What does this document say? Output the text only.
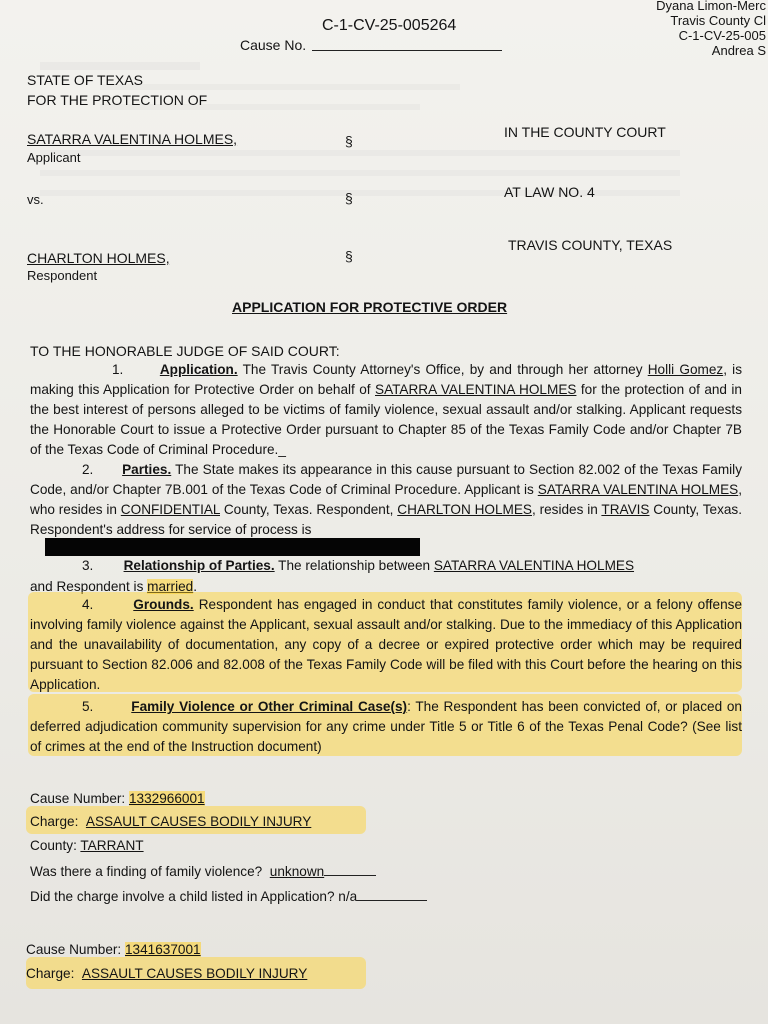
Dyana Limon-Merc
Travis County Cl
C-1-CV-25-005
Andrea S
C-1-CV-25-005264
Cause No.
STATE OF TEXAS
FOR THE PROTECTION OF
SATARRA VALENTINA HOLMES,
Applicant
vs.
CHARLTON HOLMES,
Respondent
§
§
§
IN THE COUNTY COURT
AT LAW NO. 4
TRAVIS COUNTY, TEXAS
APPLICATION FOR PROTECTIVE ORDER
TO THE HONORABLE JUDGE OF SAID COURT:
1.	Application. The Travis County Attorney's Office, by and through her attorney Holli Gomez, is making this Application for Protective Order on behalf of SATARRA VALENTINA HOLMES for the protection of and in the best interest of persons alleged to be victims of family violence, sexual assault and/or stalking. Applicant requests the Honorable Court to issue a Protective Order pursuant to Chapter 85 of the Texas Family Code and/or Chapter 7B of the Texas Code of Criminal Procedure._
2. Parties. The State makes its appearance in this cause pursuant to Section 82.002 of the Texas Family Code, and/or Chapter 7B.001 of the Texas Code of Criminal Procedure. Applicant is SATARRA VALENTINA HOLMES, who resides in CONFIDENTIAL County, Texas. Respondent, CHARLTON HOLMES, resides in TRAVIS County, Texas. Respondent's address for service of process is
3. Relationship of Parties. The relationship between SATARRA VALENTINA HOLMES
and Respondent is married.
4.	Grounds. Respondent has engaged in conduct that constitutes family violence, or a felony offense involving family violence against the Applicant, sexual assault and/or stalking. Due to the immediacy of this Application and the unavailability of documentation, any copy of a decree or expired protective order which may be required pursuant to Section 82.006 and 82.008 of the Texas Family Code will be filed with this Court before the hearing on this Application.
5.	Family Violence or Other Criminal Case(s): The Respondent has been convicted of, or placed on deferred adjudication community supervision for any crime under Title 5 or Title 6 of the Texas Penal Code? (See list of crimes at the end of the Instruction document)
Cause Number: 1332966001
Charge:  ASSAULT CAUSES BODILY INJURY
County: TARRANT
Was there a finding of family violence?  unknown
Did the charge involve a child listed in Application? n/a
Cause Number: 1341637001
Charge:  ASSAULT CAUSES BODILY INJURY
